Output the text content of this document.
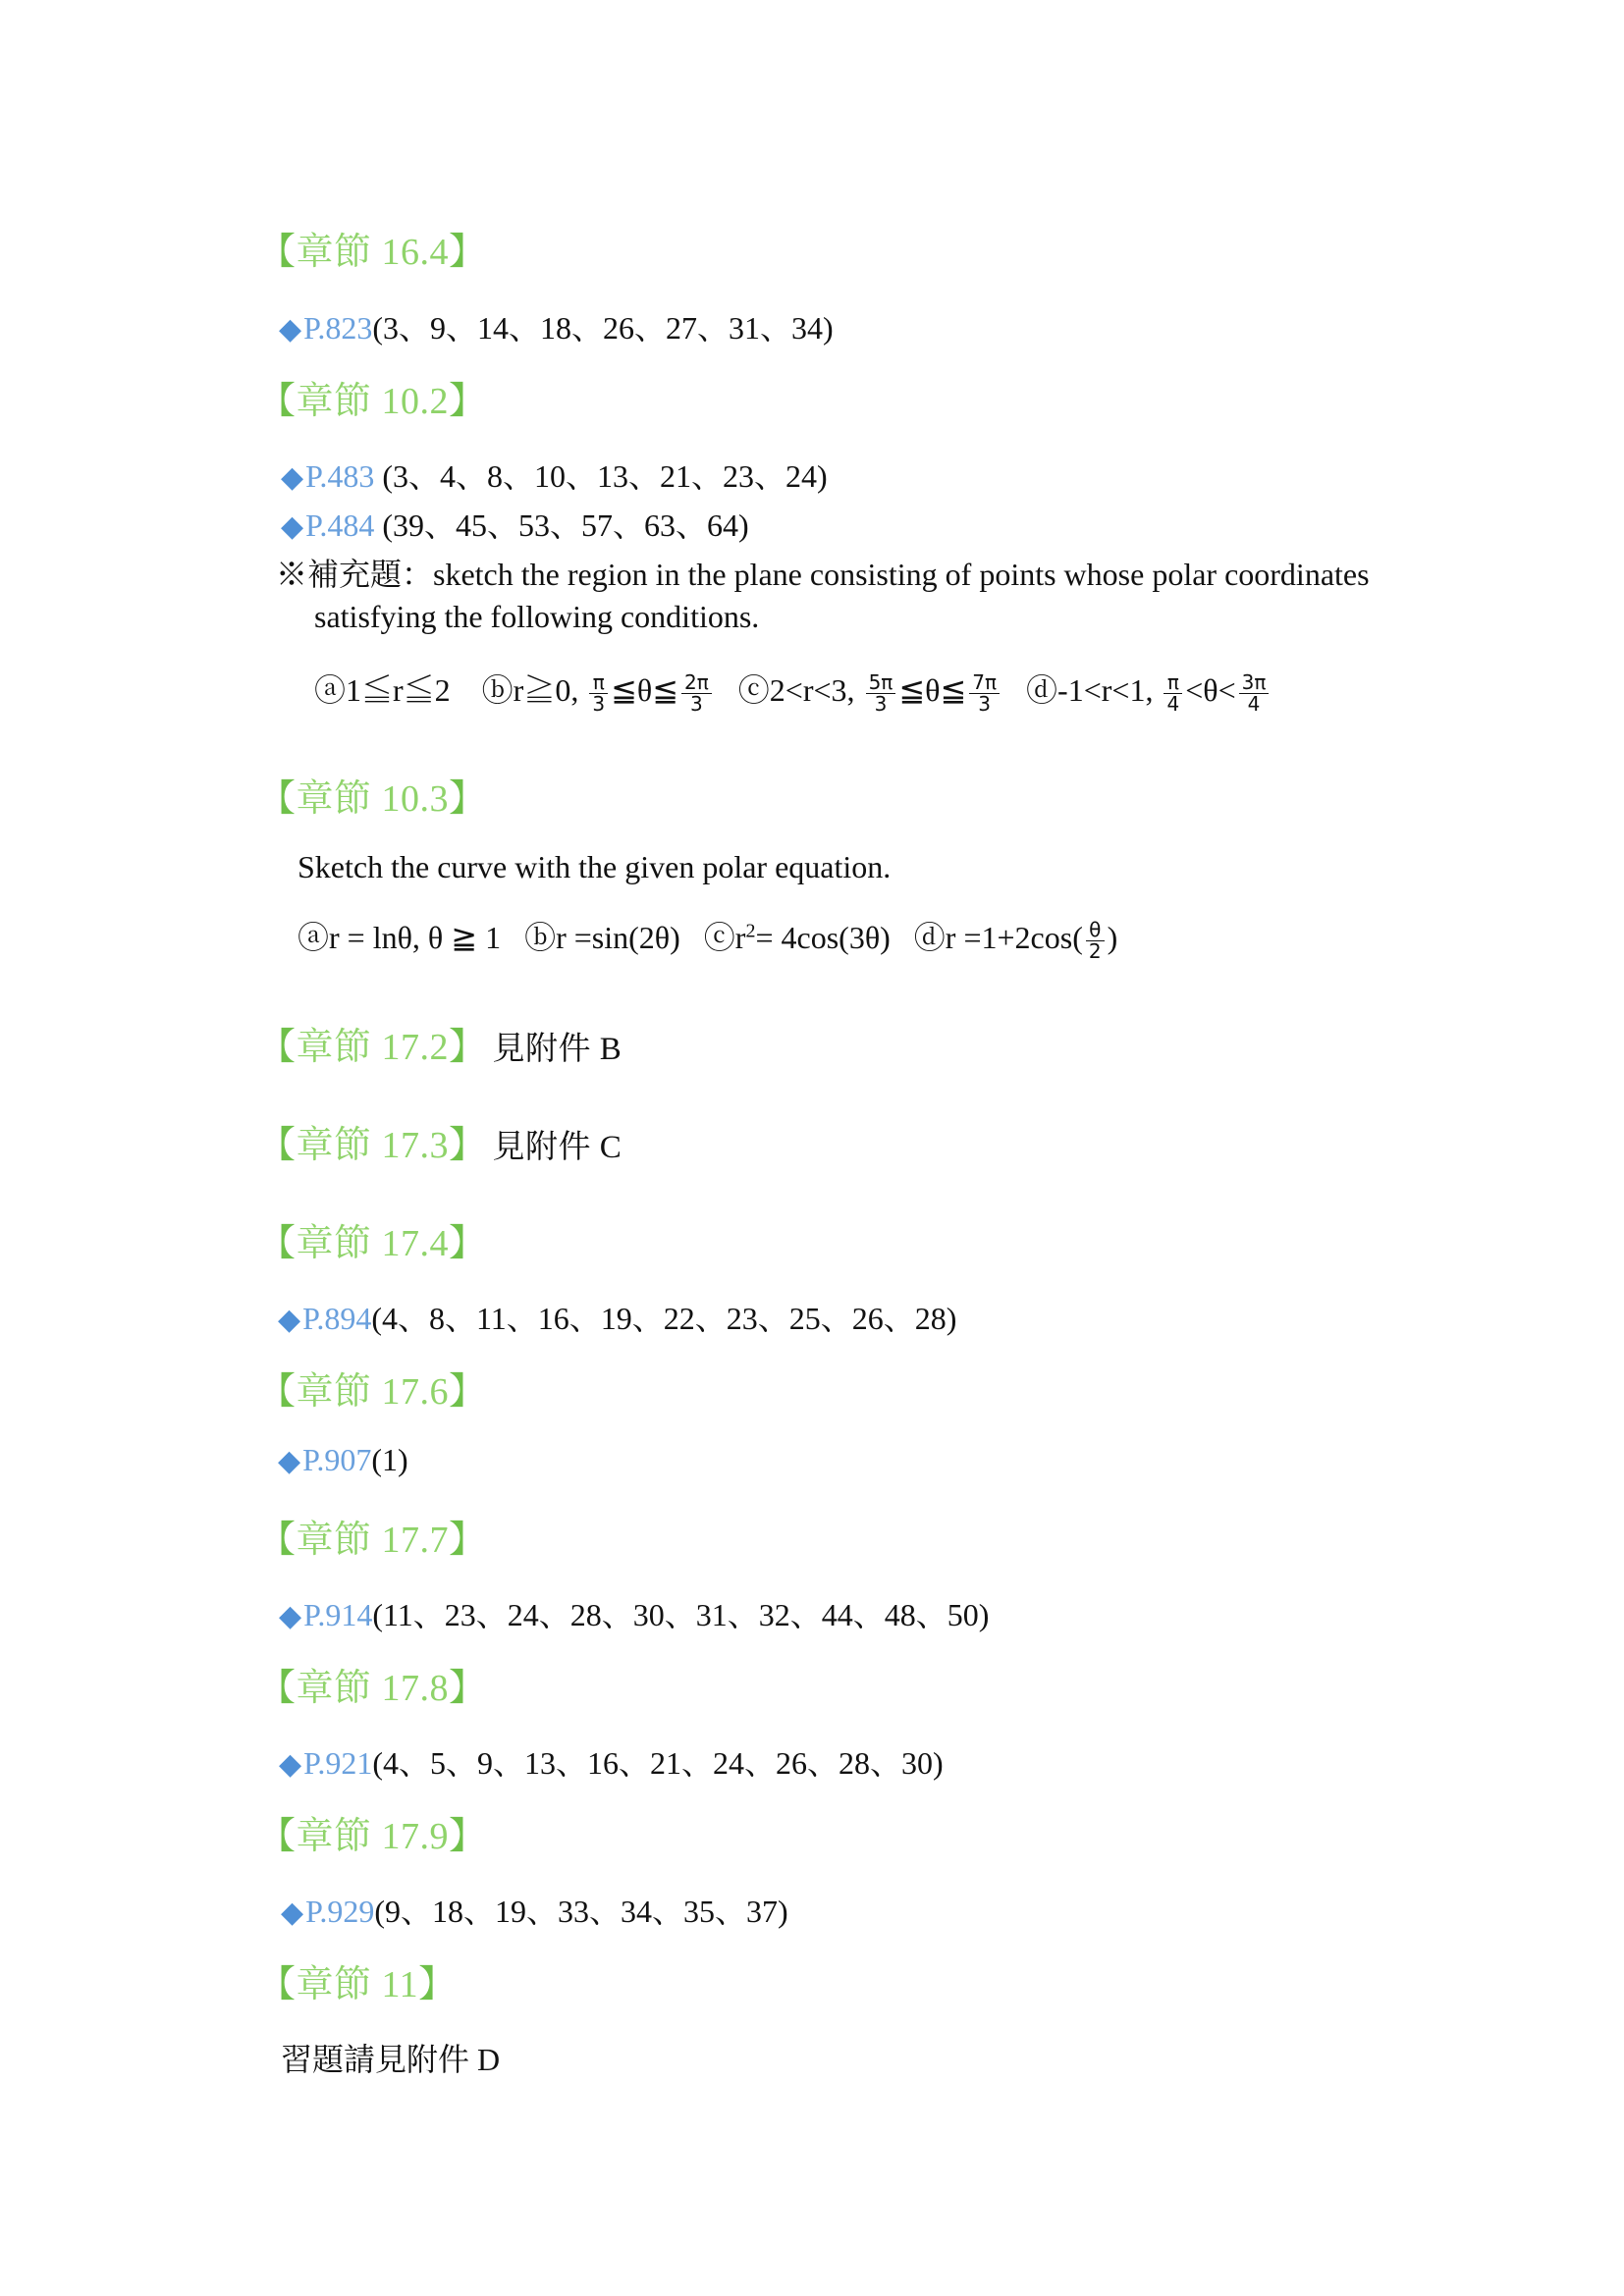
【章節 16.4】
◆P.823(3、9、14、18、26、27、31、34)
【章節 10.2】
◆P.483 (3、4、8、10、13、21、23、24)
◆P.484 (39、45、53、57、63、64)
※補充題：sketch the region in the plane consisting of points whose polar coordinates
satisfying the following conditions.
ⓐ1≦r≦2 ⓑr≧0, $\frac{\pi}{3}$ ≦θ≦ $\frac{2\pi}{3}$ ⓒ2<r<3, $\frac{5\pi}{3}$ ≦θ≦ $\frac{7\pi}{3}$ ⓓ-1<r<1, $\frac{\pi}{4} <\theta< \frac{3\pi}{4}$
【章節 10.3】
Sketch the curve with the given polar equation.
ⓐr = lnθ, θ ≧ 1 ⓑr =sin(2θ) $ⓒr^2= 4\cos(3\theta)$ ⓓr $=1+2\cos( \frac{\theta}{2}$ )
【章節 17.2】 見附件 B
【章節 17.3】 見附件 C
【章節 17.4】
◆P.894(4、8、11、16、19、22、23、25、26、28)
【章節 17.6】
◆P.907(1)
【章節 17.7】
◆P.914(11、23、24、28、30、31、32、44、48、50)
【章節 17.8】
◆P.921(4、5、9、13、16、21、24、26、28、30)
【章節 17.9】
◆P.929(9、18、19、33、34、35、37)
【章節 11】
習題請見附件 D
